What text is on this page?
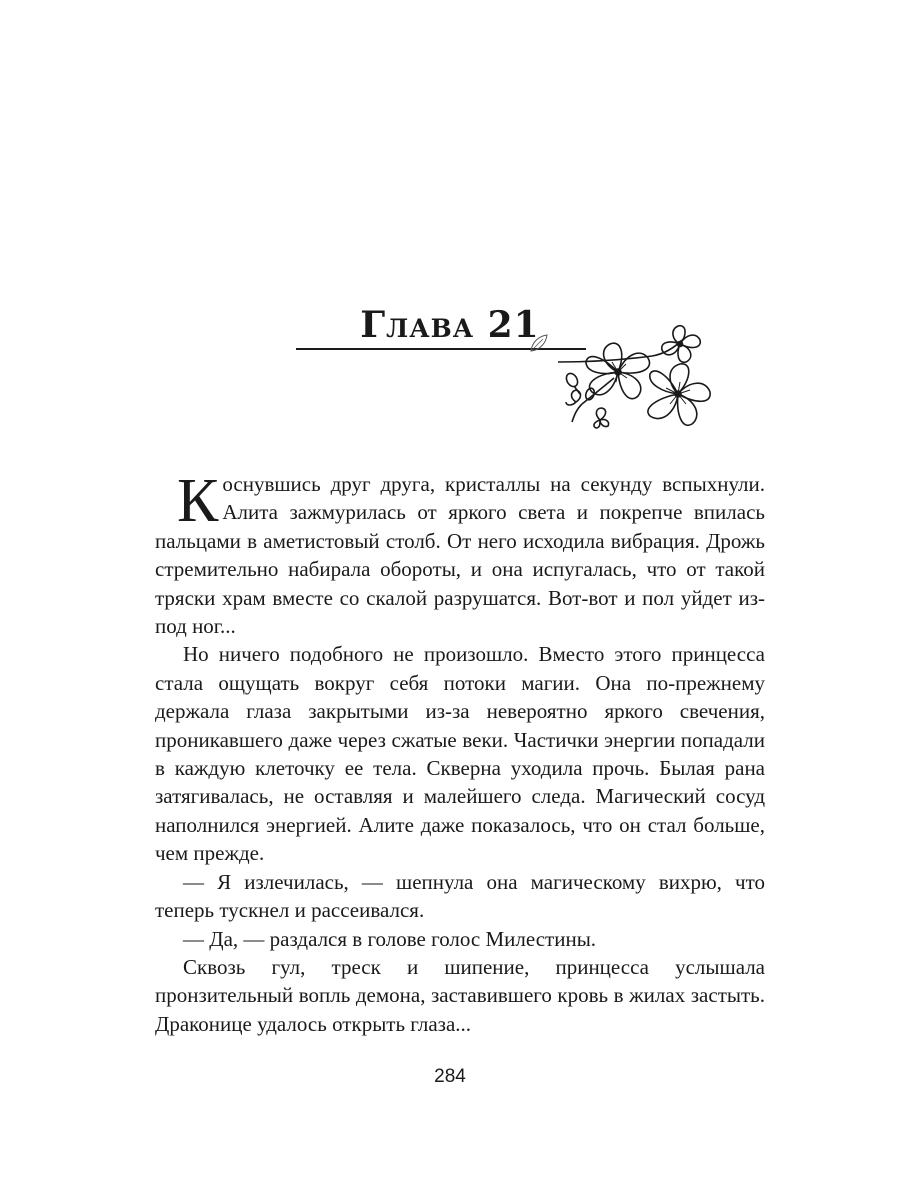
Глава 21

Коснувшись друг друга, кристаллы на секунду вспыхнули. Алита зажмурилась от яркого света и покрепче впилась пальцами в аметистовый столб. От него исходила вибрация. Дрожь стремительно набирала обороты, и она испугалась, что от такой тряски храм вместе со скалой разрушатся. Вот-вот и пол уйдет из-под ног...

Но ничего подобного не произошло. Вместо этого принцесса стала ощущать вокруг себя потоки магии. Она по-прежнему держала глаза закрытыми из-за невероятно яркого свечения, проникавшего даже через сжатые веки. Частички энергии попадали в каждую клеточку ее тела. Скверна уходила прочь. Былая рана затягивалась, не оставляя и малейшего следа. Магический сосуд наполнился энергией. Алите даже показалось, что он стал больше, чем прежде.

— Я излечилась, — шепнула она магическому вихрю, что теперь тускнел и рассеивался.

— Да, — раздался в голове голос Милестины.

Сквозь гул, треск и шипение, принцесса услышала пронзительный вопль демона, заставившего кровь в жилах застыть. Драконице удалось открыть глаза...

284
